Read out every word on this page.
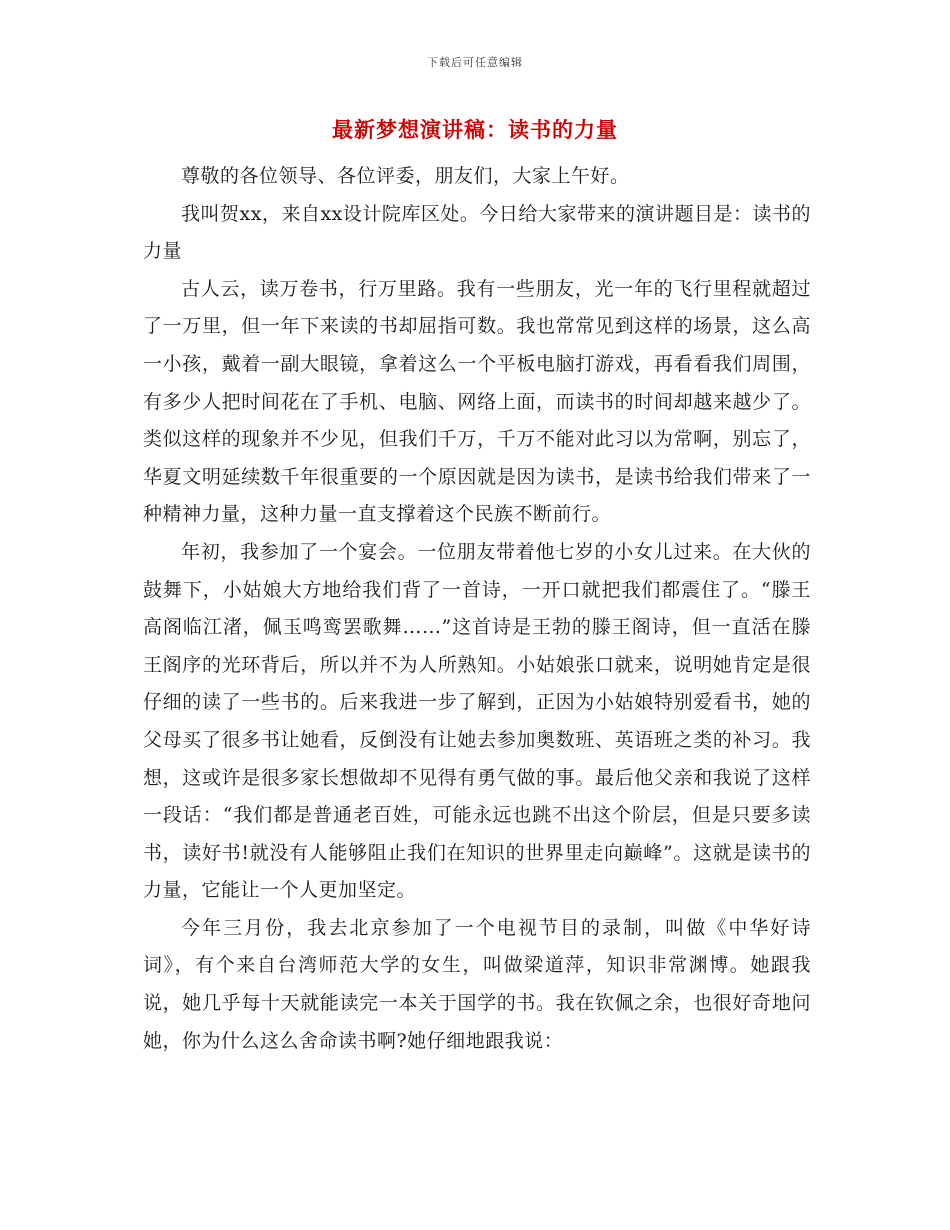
下载后可任意编辑
最新梦想演讲稿：读书的力量

尊敬的各位领导、各位评委，朋友们，大家上午好。

我叫贺xx，来自xx设计院库区处。今日给大家带来的演讲题目是：读书的力量

古人云，读万卷书，行万里路。我有一些朋友，光一年的飞行里程就超过了一万里，但一年下来读的书却屈指可数。我也常常见到这样的场景，这么高一小孩，戴着一副大眼镜，拿着这么一个平板电脑打游戏，再看看我们周围，有多少人把时间花在了手机、电脑、网络上面，而读书的时间却越来越少了。类似这样的现象并不少见，但我们千万，千万不能对此习以为常啊，别忘了，华夏文明延续数千年很重要的一个原因就是因为读书，是读书给我们带来了一种精神力量，这种力量一直支撑着这个民族不断前行。

年初，我参加了一个宴会。一位朋友带着他七岁的小女儿过来。在大伙的鼓舞下，小姑娘大方地给我们背了一首诗，一开口就把我们都震住了。“滕王高阁临江渚，佩玉鸣鸾罢歌舞……”这首诗是王勃的滕王阁诗，但一直活在滕王阁序的光环背后，所以并不为人所熟知。小姑娘张口就来，说明她肯定是很仔细的读了一些书的。后来我进一步了解到，正因为小姑娘特别爱看书，她的父母买了很多书让她看，反倒没有让她去参加奥数班、英语班之类的补习。我想，这或许是很多家长想做却不见得有勇气做的事。最后他父亲和我说了这样一段话：“我们都是普通老百姓，可能永远也跳不出这个阶层，但是只要多读书，读好书!就没有人能够阻止我们在知识的世界里走向巅峰”。这就是读书的力量，它能让一个人更加坚定。

今年三月份，我去北京参加了一个电视节目的录制，叫做《中华好诗词》，有个来自台湾师范大学的女生，叫做梁道萍，知识非常渊博。她跟我说，她几乎每十天就能读完一本关于国学的书。我在钦佩之余，也很好奇地问她，你为什么这么舍命读书啊?她仔细地跟我说：
